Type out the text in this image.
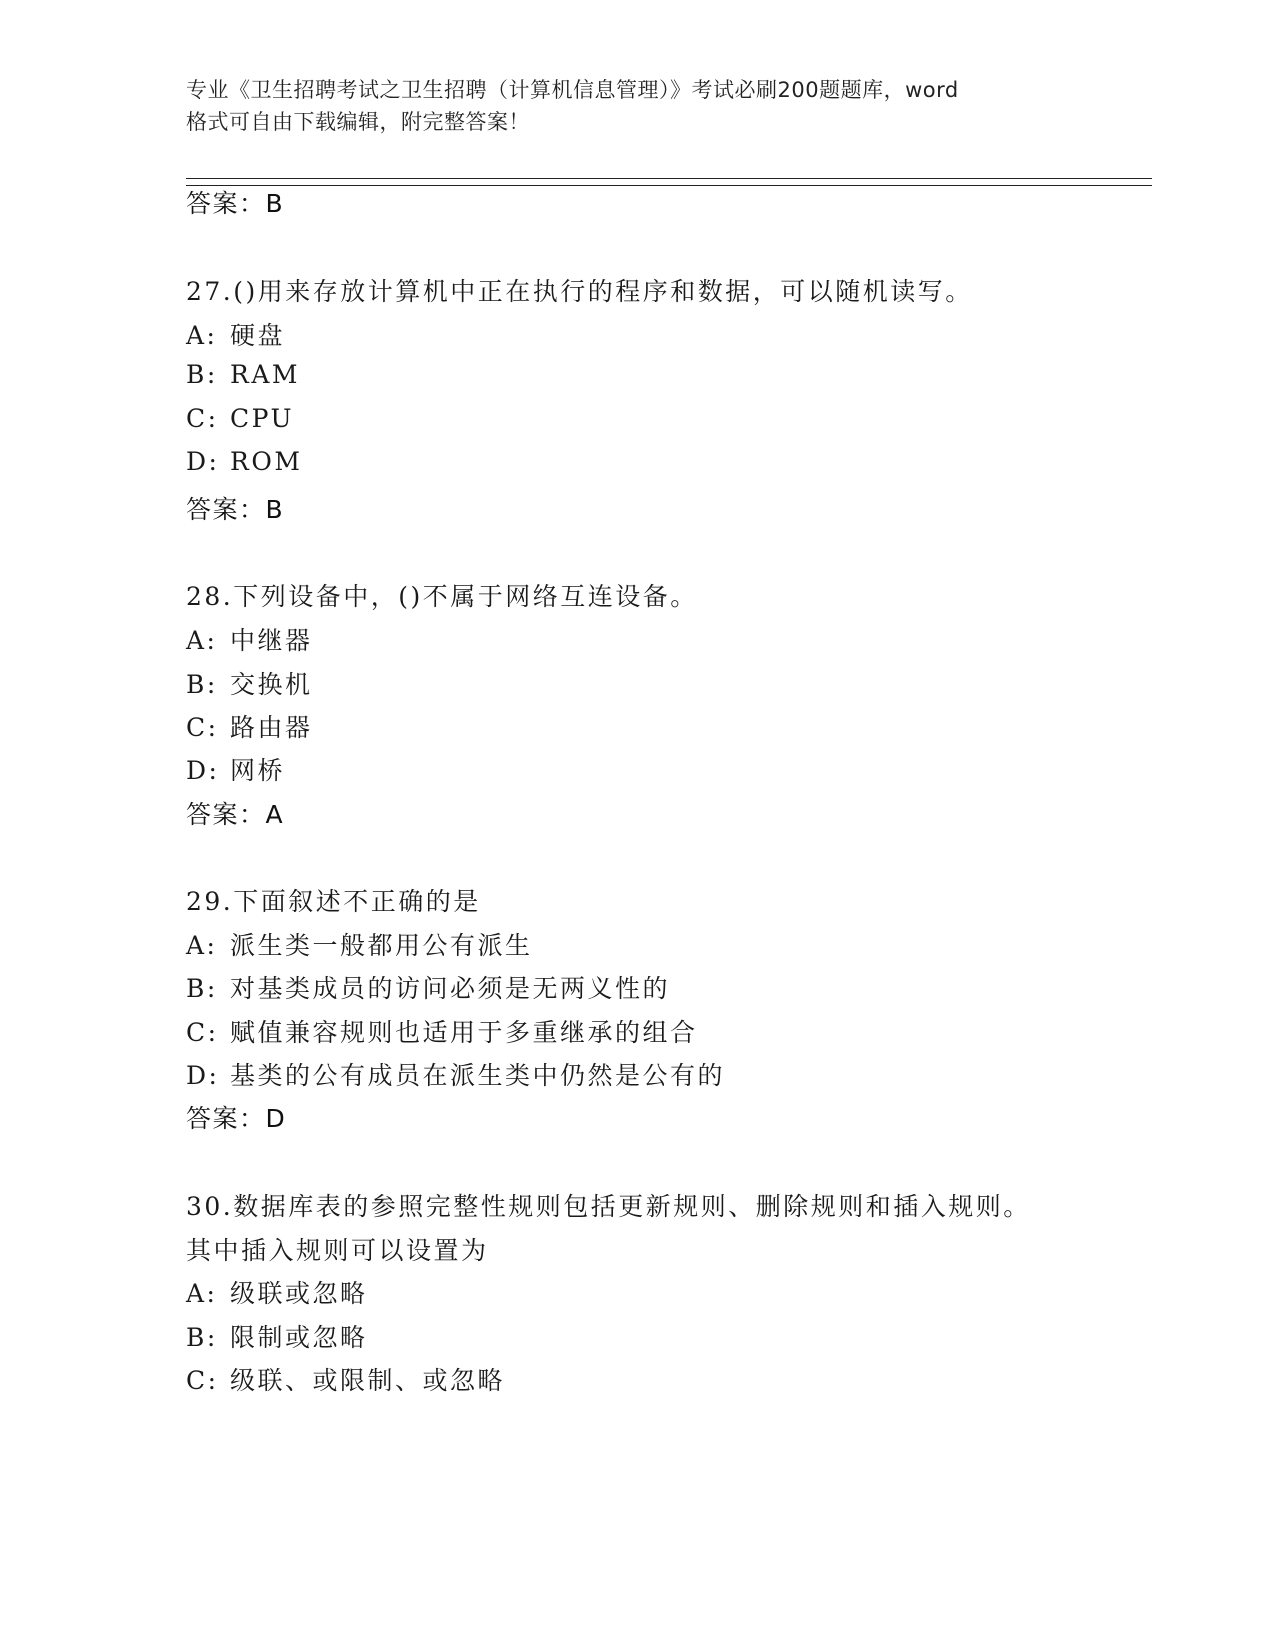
专业《卫生招聘考试之卫生招聘（计算机信息管理）》考试必刷200题题库，word
格式可自由下载编辑，附完整答案！
答案：B
27.()用来存放计算机中正在执行的程序和数据，可以随机读写。
A: 硬盘
B: RAM
C: CPU
D: ROM
答案：B
28.下列设备中，()不属于网络互连设备。
A: 中继器
B: 交换机
C: 路由器
D: 网桥
答案：A
29.下面叙述不正确的是
A: 派生类一般都用公有派生
B: 对基类成员的访问必须是无两义性的
C: 赋值兼容规则也适用于多重继承的组合
D: 基类的公有成员在派生类中仍然是公有的
答案：D
30.数据库表的参照完整性规则包括更新规则、删除规则和插入规则。
其中插入规则可以设置为
A: 级联或忽略
B: 限制或忽略
C: 级联、或限制、或忽略
